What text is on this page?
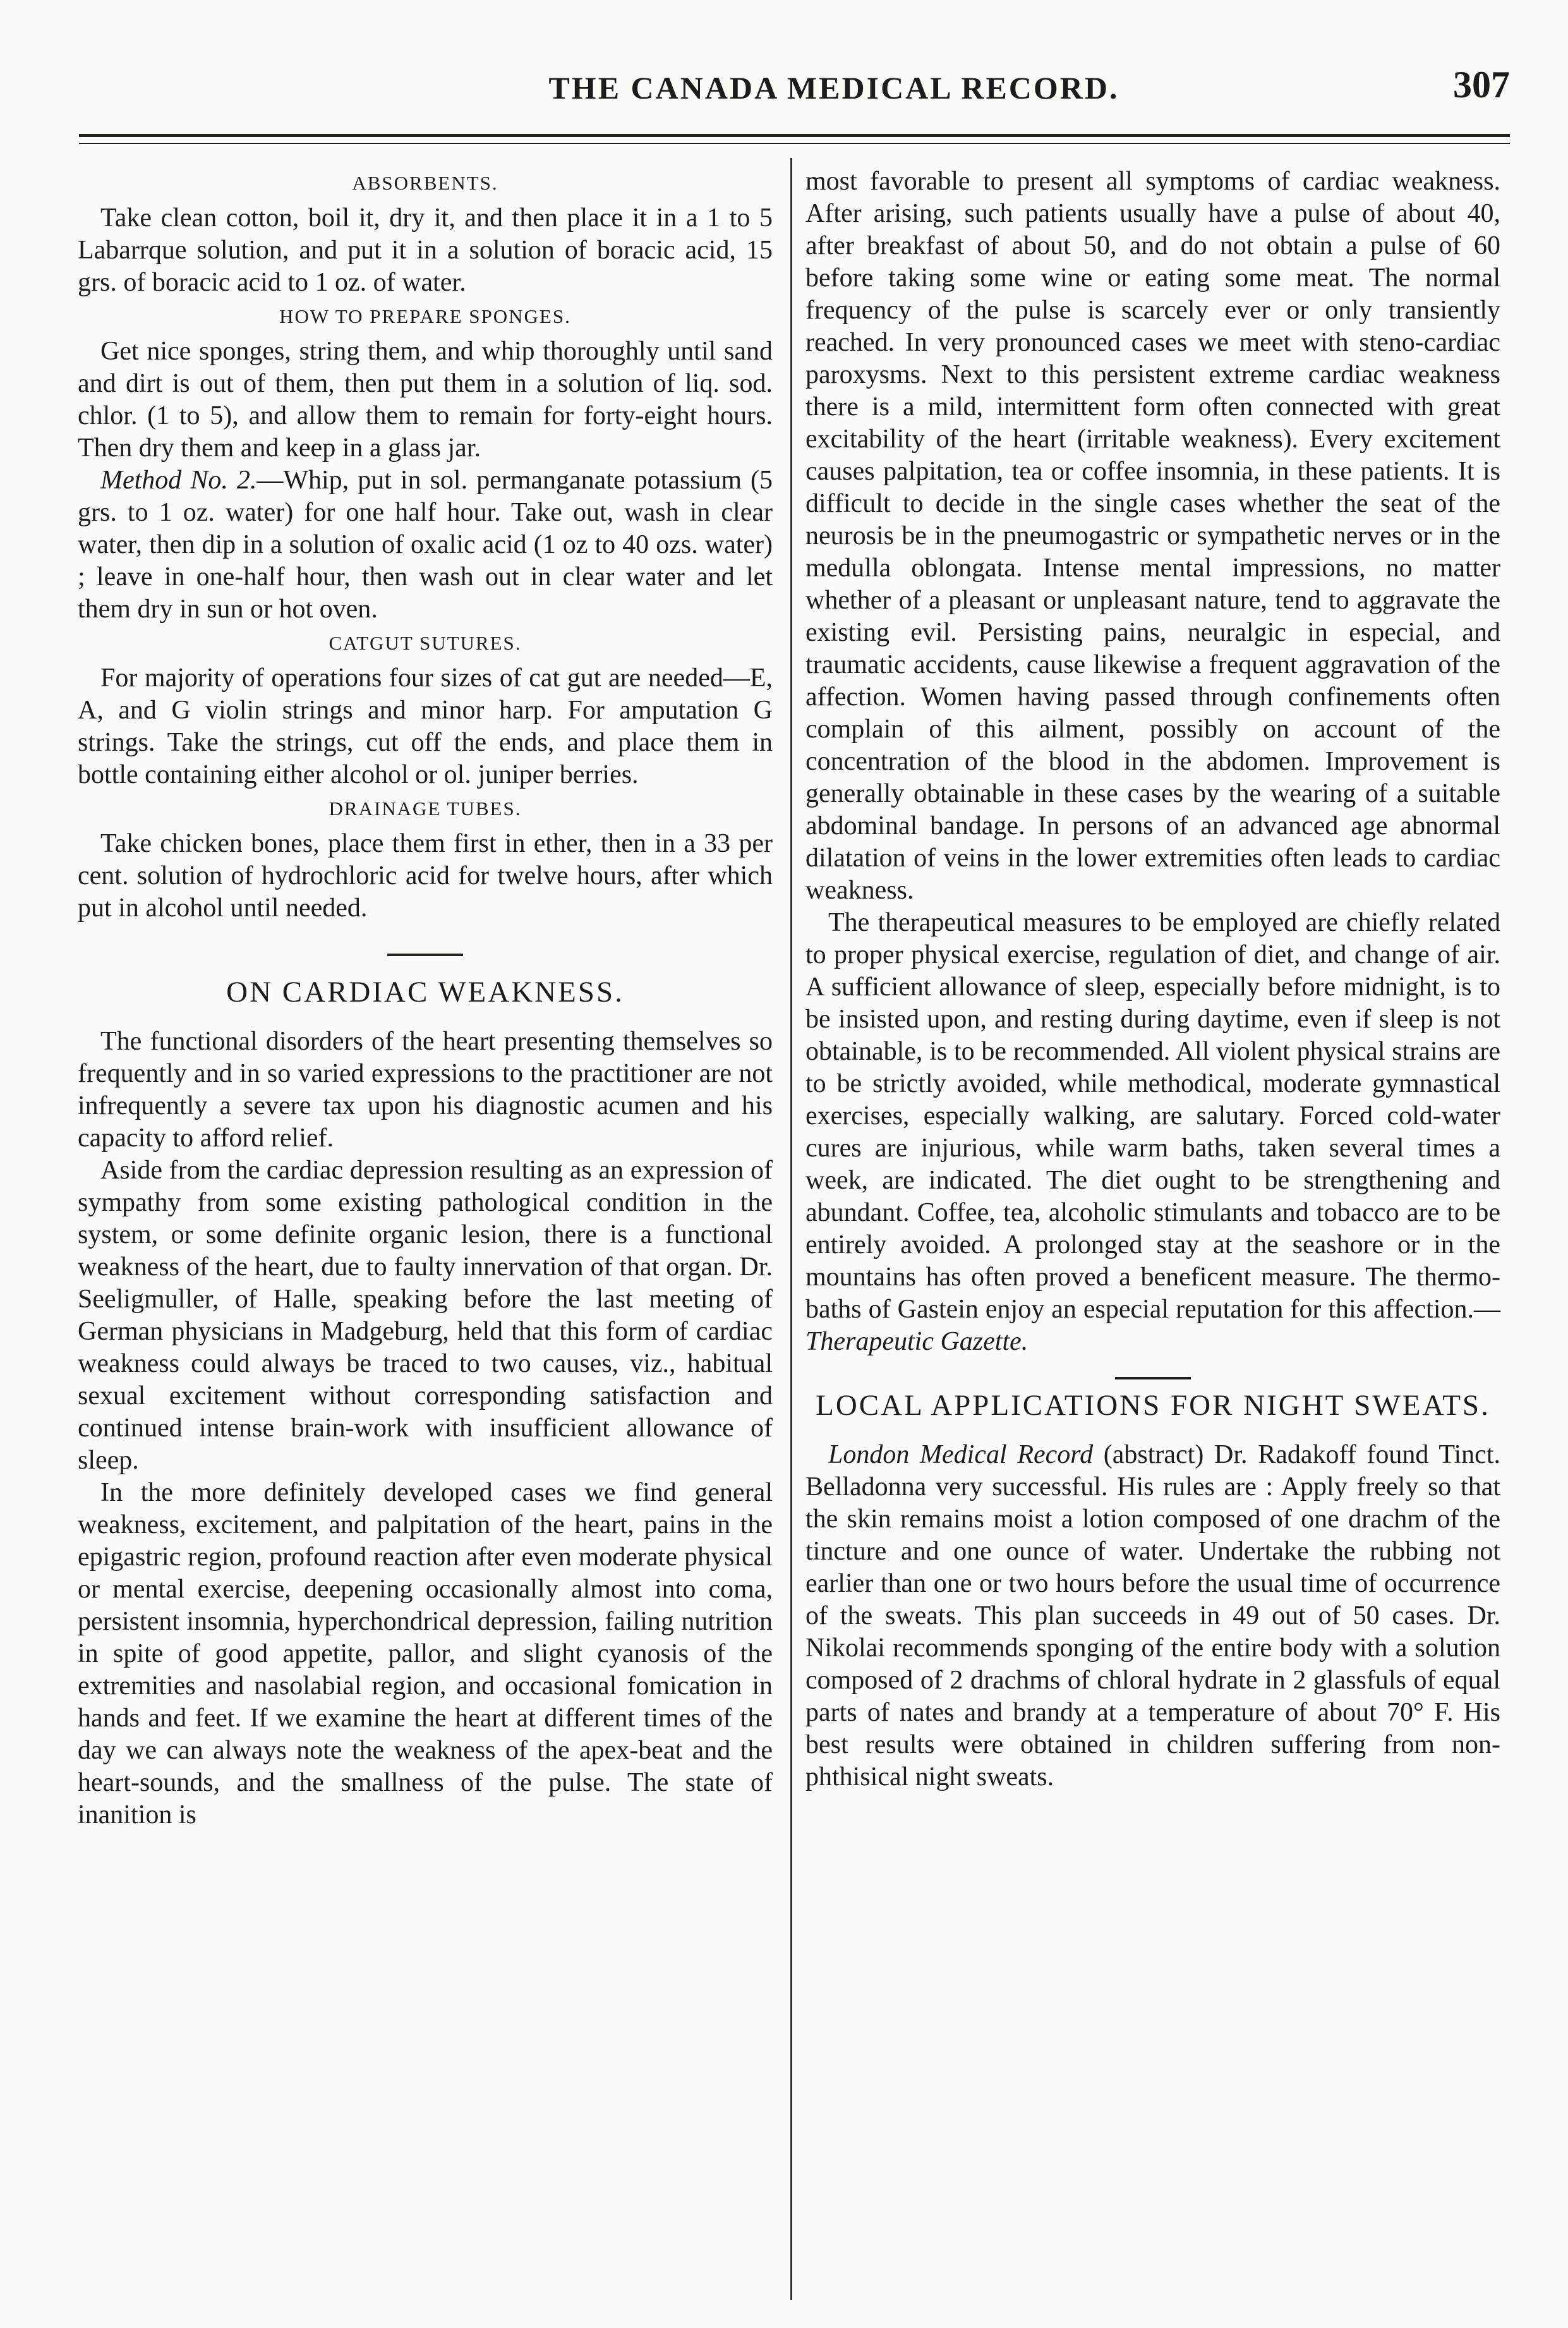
THE CANADA MEDICAL RECORD.	307
ABSORBENTS.

Take clean cotton, boil it, dry it, and then place it in a 1 to 5 Labarrque solution, and put it in a solution of boracic acid, 15 grs. of boracic acid to 1 oz. of water.

HOW TO PREPARE SPONGES.

Get nice sponges, string them, and whip thoroughly until sand and dirt is out of them, then put them in a solution of liq. sod. chlor. (1 to 5), and allow them to remain for forty-eight hours. Then dry them and keep in a glass jar.

Method No. 2.—Whip, put in sol. permanganate potassium (5 grs. to 1 oz. water) for one half hour. Take out, wash in clear water, then dip in a solution of oxalic acid (1 oz to 40 ozs. water) ; leave in one-half hour, then wash out in clear water and let them dry in sun or hot oven.

CATGUT SUTURES.

For majority of operations four sizes of cat gut are needed—E, A, and G violin strings and minor harp. For amputation G strings. Take the strings, cut off the ends, and place them in bottle containing either alcohol or ol. juniper berries.

DRAINAGE TUBES.

Take chicken bones, place them first in ether, then in a 33 per cent. solution of hydrochloric acid for twelve hours, after which put in alcohol until needed.

ON CARDIAC WEAKNESS.

The functional disorders of the heart presenting themselves so frequently and in so varied expressions to the practitioner are not infrequently a severe tax upon his diagnostic acumen and his capacity to afford relief.

Aside from the cardiac depression resulting as an expression of sympathy from some existing pathological condition in the system, or some definite organic lesion, there is a functional weakness of the heart, due to faulty innervation of that organ. Dr. Seeligmuller, of Halle, speaking before the last meeting of German physicians in Madgeburg, held that this form of cardiac weakness could always be traced to two causes, viz., habitual sexual excitement without corresponding satisfaction and continued intense brain-work with insufficient allowance of sleep.

In the more definitely developed cases we find general weakness, excitement, and palpitation of the heart, pains in the epigastric region, profound reaction after even moderate physical or mental exercise, deepening occasionally almost into coma, persistent insomnia, hyperchondrical depression, failing nutrition in spite of good appetite, pallor, and slight cyanosis of the extremities and nasolabial region, and occasional fomication in hands and feet. If we examine the heart at different times of the day we can always note the weakness of the apex-beat and the heart-sounds, and the smallness of the pulse. The state of inanition is

most favorable to present all symptoms of cardiac weakness. After arising, such patients usually have a pulse of about 40, after breakfast of about 50, and do not obtain a pulse of 60 before taking some wine or eating some meat. The normal frequency of the pulse is scarcely ever or only transiently reached. In very pronounced cases we meet with steno-cardiac paroxysms. Next to this persistent extreme cardiac weakness there is a mild, intermittent form often connected with great excitability of the heart (irritable weakness). Every excitement causes palpitation, tea or coffee insomnia, in these patients. It is difficult to decide in the single cases whether the seat of the neurosis be in the pneumogastric or sympathetic nerves or in the medulla oblongata. Intense mental impressions, no matter whether of a pleasant or unpleasant nature, tend to aggravate the existing evil. Persisting pains, neuralgic in especial, and traumatic accidents, cause likewise a frequent aggravation of the affection. Women having passed through confinements often complain of this ailment, possibly on account of the concentration of the blood in the abdomen. Improvement is generally obtainable in these cases by the wearing of a suitable abdominal bandage. In persons of an advanced age abnormal dilatation of veins in the lower extremities often leads to cardiac weakness.

The therapeutical measures to be employed are chiefly related to proper physical exercise, regulation of diet, and change of air. A sufficient allowance of sleep, especially before midnight, is to be insisted upon, and resting during daytime, even if sleep is not obtainable, is to be recommended. All violent physical strains are to be strictly avoided, while methodical, moderate gymnastical exercises, especially walking, are salutary. Forced cold-water cures are injurious, while warm baths, taken several times a week, are indicated. The diet ought to be strengthening and abundant. Coffee, tea, alcoholic stimulants and tobacco are to be entirely avoided. A prolonged stay at the seashore or in the mountains has often proved a beneficent measure. The thermo-baths of Gastein enjoy an especial reputation for this affection.—Therapeutic Gazette.

LOCAL APPLICATIONS FOR NIGHT SWEATS.

London Medical Record (abstract) Dr. Radakoff found Tinct. Belladonna very successful. His rules are : Apply freely so that the skin remains moist a lotion composed of one drachm of the tincture and one ounce of water. Undertake the rubbing not earlier than one or two hours before the usual time of occurrence of the sweats. This plan succeeds in 49 out of 50 cases. Dr. Nikolai recommends sponging of the entire body with a solution composed of 2 drachms of chloral hydrate in 2 glassfuls of equal parts of nates and brandy at a temperature of about 70° F. His best results were obtained in children suffering from non-phthisical night sweats.
